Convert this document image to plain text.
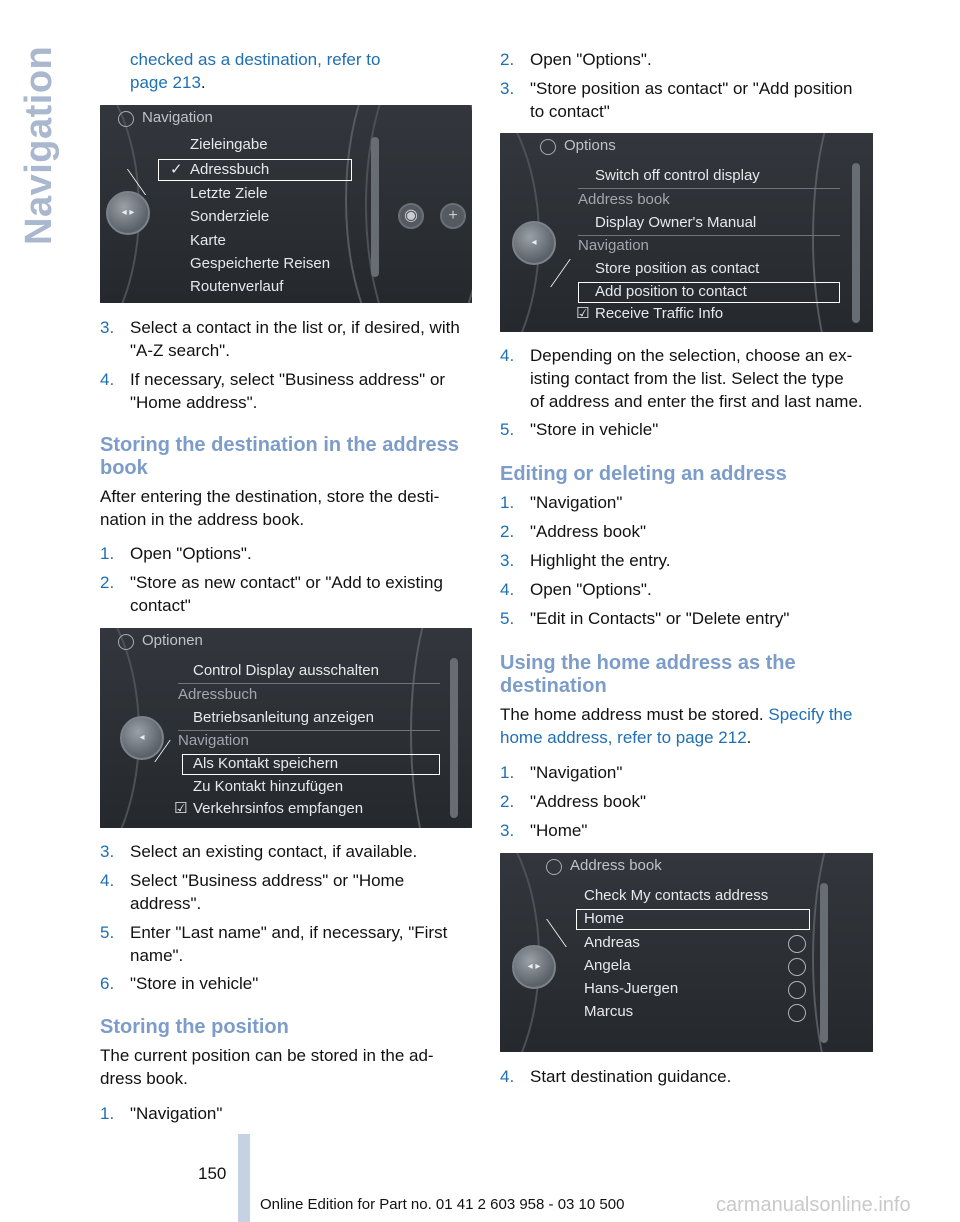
Navigation	checked as a destination, refer to
page 213.
Navigation
◂ ▸
Zieleingabe
✓ Adressbuch
Letzte Ziele
Sonderziele
Karte
Gespeicherte Reisen
Routenverlauf
◉	+
3. Select a contact in the list or, if desired, with
"A-Z search".
4. If necessary, select "Business address" or
"Home address".
Storing the destination in the address
book
After entering the destination, store the desti-
nation in the address book.
1. Open "Options".
2. "Store as new contact" or "Add to existing
contact"
Optionen
◂
Control Display ausschalten
Adressbuch
Betriebsanleitung anzeigen
Navigation
Als Kontakt speichern
Zu Kontakt hinzufügen
☑ Verkehrsinfos empfangen
3. Select an existing contact, if available.
4. Select "Business address" or "Home
address".
5. Enter "Last name" and, if necessary, "First
name".
6. "Store in vehicle"
Storing the position
The current position can be stored in the ad-
dress book.
1. "Navigation"
2. Open "Options".
3. "Store position as contact" or "Add position
to contact"
Options
◂
Switch off control display
Address book
Display Owner's Manual
Navigation
Store position as contact
Add position to contact
☑ Receive Traffic Info
4. Depending on the selection, choose an ex-
isting contact from the list. Select the type
of address and enter the first and last name.
5. "Store in vehicle"
Editing or deleting an address
1. "Navigation"
2. "Address book"
3. Highlight the entry.
4. Open "Options".
5. "Edit in Contacts" or "Delete entry"
Using the home address as the
destination
The home address must be stored. Specify the
home address, refer to page 212.
1. "Navigation"
2. "Address book"
3. "Home"
Address book
◂ ▸
Check My contacts address
Home
Andreas
Angela
Hans-Juergen
Marcus
4. Start destination guidance.
150
Online Edition for Part no. 01 41 2 603 958 - 03 10 500	carmanualsonline.info
